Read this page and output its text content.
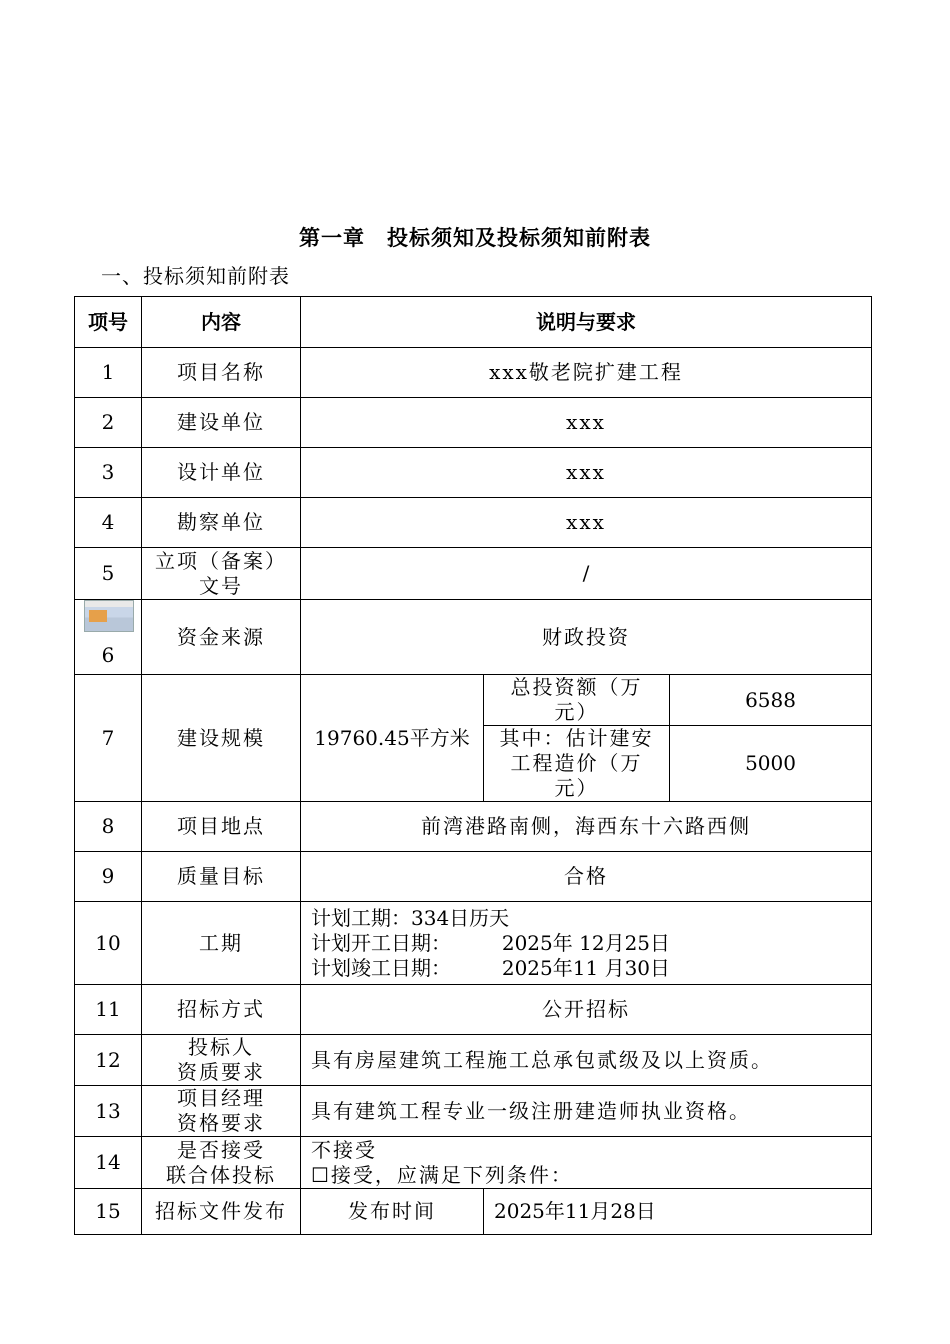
第一章 投标须知及投标须知前附表
一、投标须知前附表
项号	内容	说明与要求		
1	项目名称	xxx敬老院扩建工程		
2	建设单位	xxx		
3	设计单位	xxx		
4	勘察单位	xxx		
5	立项（备案）
文号	/		

6	资金来源	财政投资		
7	建设规模	19760.45平方米	总投资额（万
元）	6588

			其中：估计建安
工程造价（万
元）	5000
8	项目地点	前湾港路南侧，海西东十六路西侧		
9	质量目标	合格		
10	工期	计划工期：334日历天
计划开工日期：        2025年 12月25日
计划竣工日期：        2025年11 月30日		

11	招标方式	公开招标		
12	投标人
资质要求	具有房屋建筑工程施工总承包贰级及以上资质。		
13	项目经理
资格要求	具有建筑工程专业一级注册建造师执业资格。		
14	是否接受
联合体投标	不接受
☐接受，应满足下列条件：		

15	招标文件发布	发布时间	2025年11月28日	
